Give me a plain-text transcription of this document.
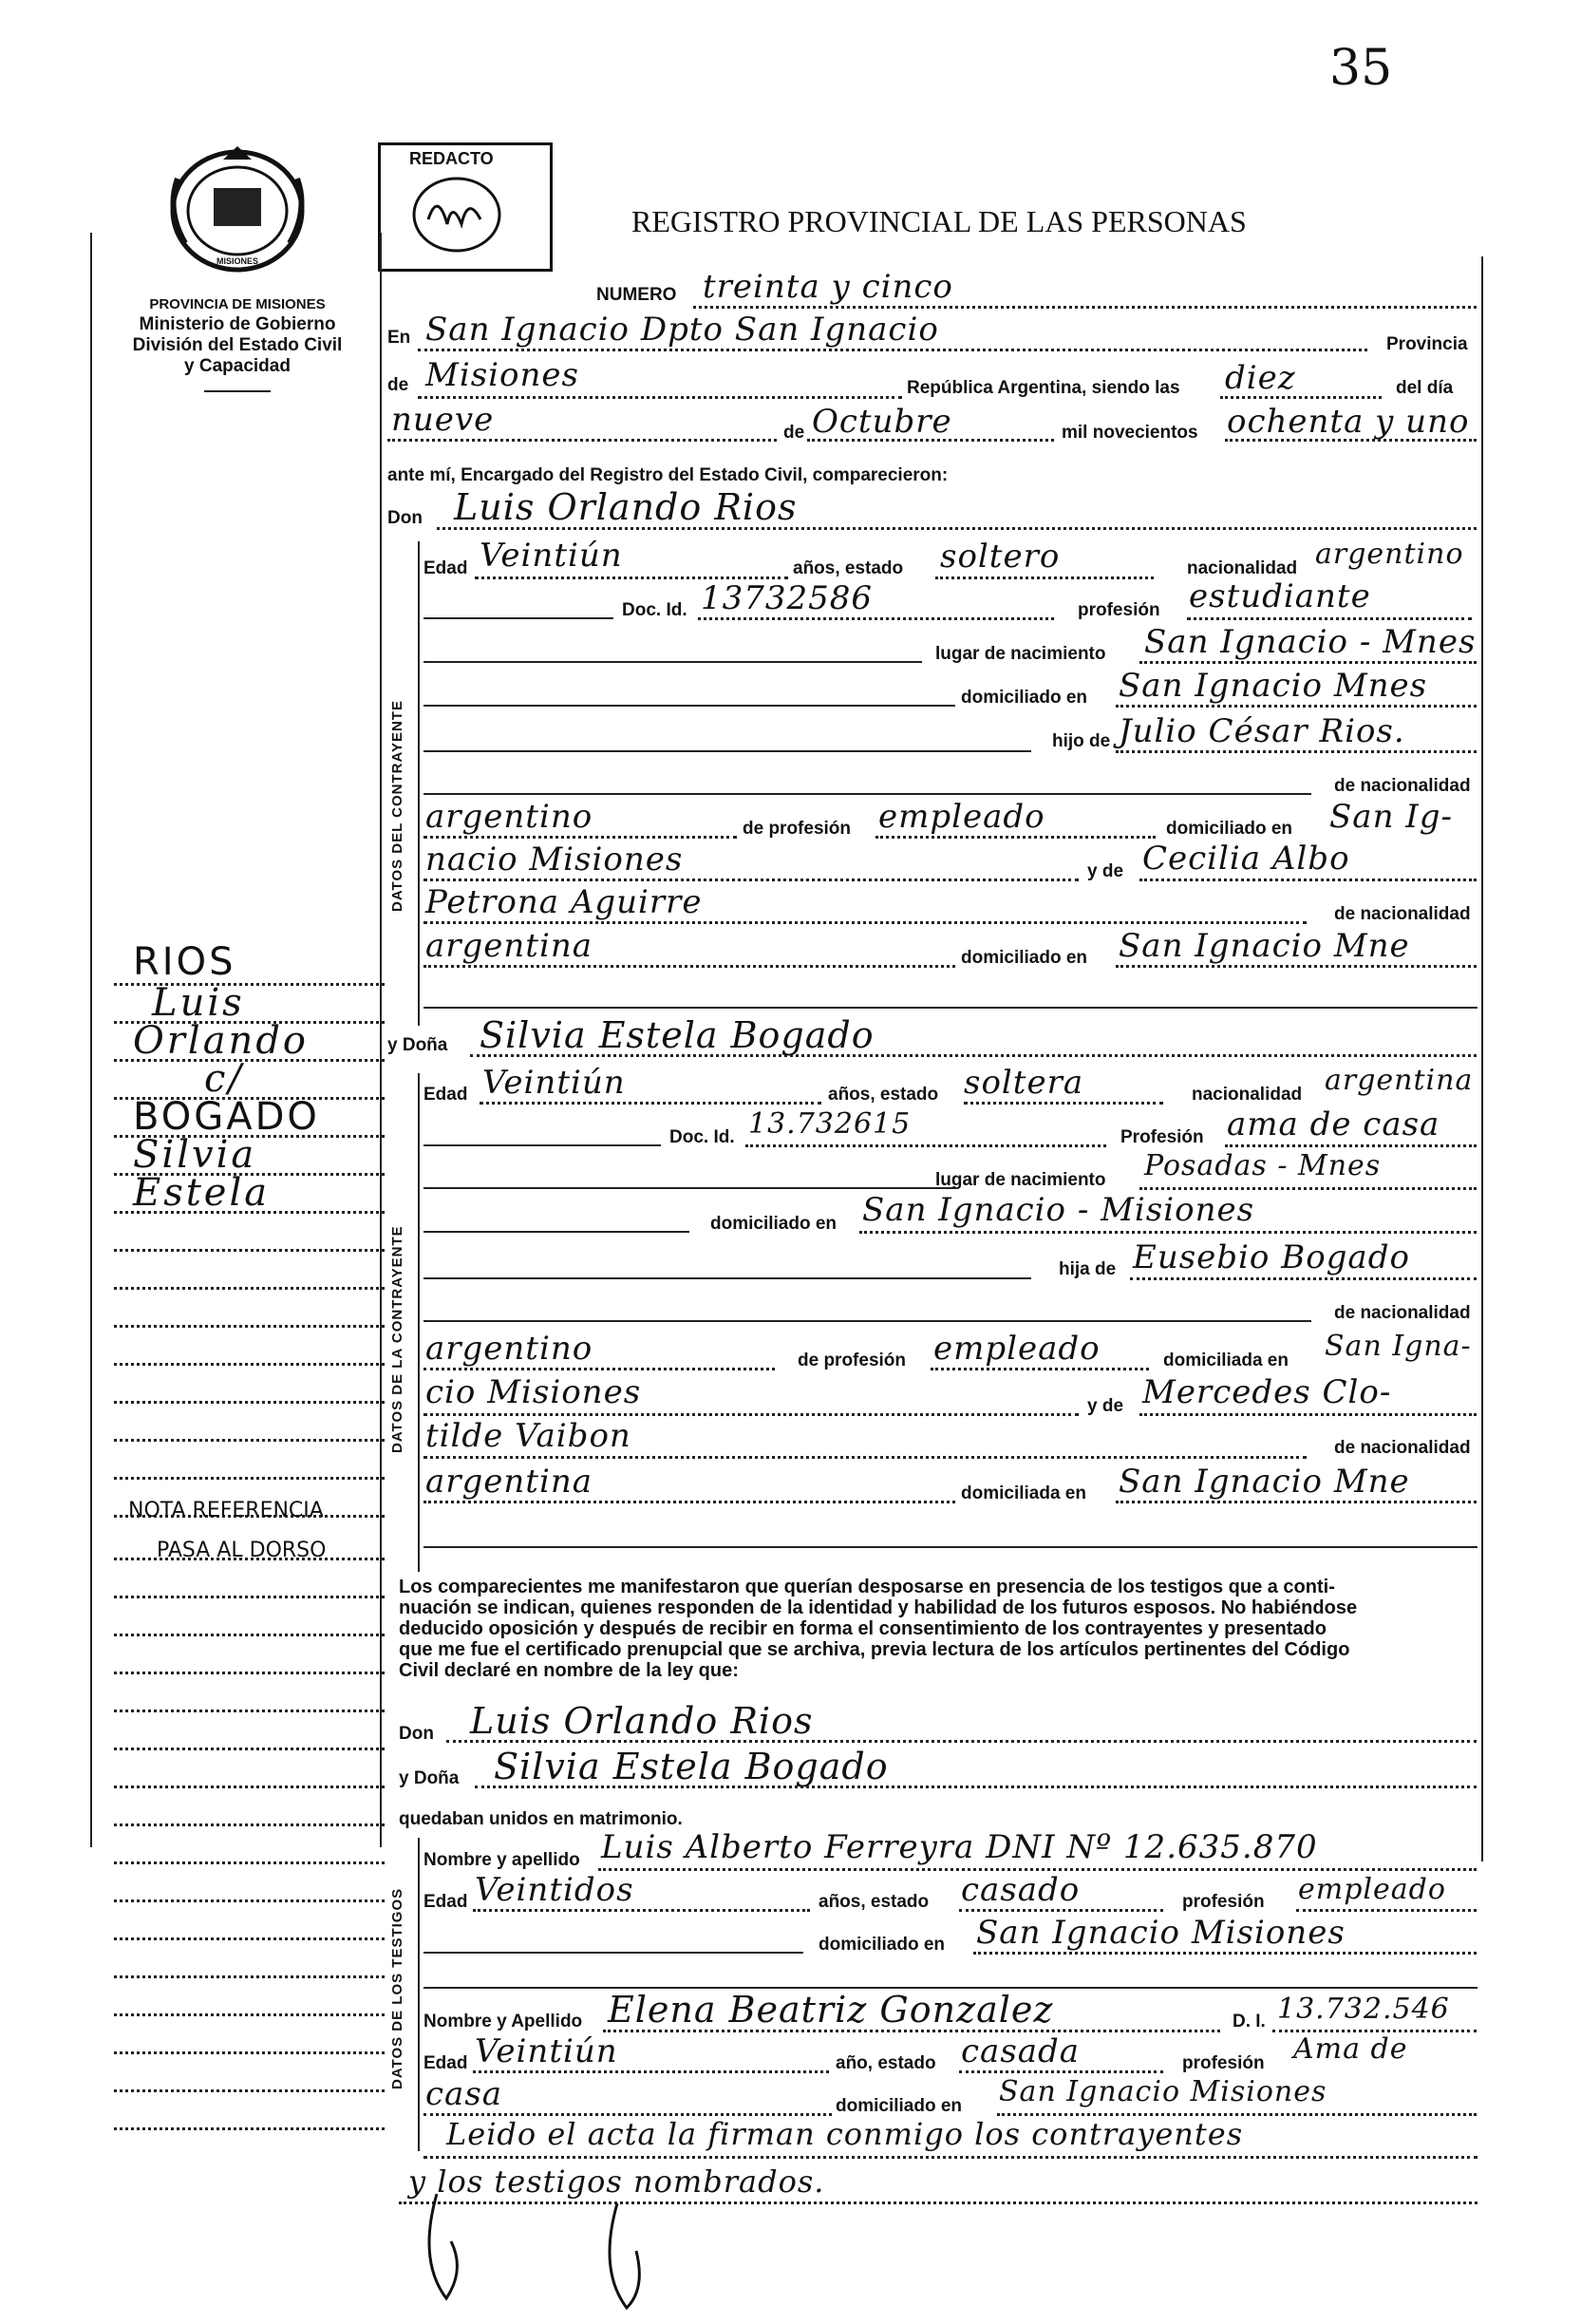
35
MISIONES
REDACTO
PROVINCIA DE MISIONES
Ministerio de Gobierno
División del Estado Civil
y Capacidad
REGISTRO PROVINCIAL DE LAS PERSONAS
NUMERO treinta y cinco
En San Ignacio Dpto San Ignacio	Provincia
de Misiones	República Argentina, siendo las diez	del día
nueve	de Octubre	mil novecientos ochenta y uno
ante mí, Encargado del Registro del Estado Civil, comparecieron:
Don Luis Orlando Rios
DATOS DEL CONTRAYENTE
Edad Veintiún	años, estado soltero	nacionalidad argentino
Doc. Id. 13732586	profesión estudiante
lugar de nacimiento San Ignacio - Mnes
domiciliado en San Ignacio Mnes
hijo de Julio César Rios.
de nacionalidad
argentino	de profesión empleado	domiciliado en San Ig-
nacio Misiones	y de Cecilia Albo
Petrona Aguirre	de nacionalidad
argentina	domiciliado en San Ignacio Mne
y Doña Silvia Estela Bogado
DATOS DE LA CONTRAYENTE
Edad Veintiún	años, estado soltera	nacionalidad argentina
Doc. Id. 13.732615	Profesión ama de casa
lugar de nacimiento Posadas - Mnes
domiciliado en San Ignacio - Misiones
hija de Eusebio Bogado
de nacionalidad
argentino	de profesión empleado	domiciliada en San Igna-
cio Misiones	y de Mercedes Clo-
tilde Vaibon	de nacionalidad
argentina	domiciliada en San Ignacio Mne
Los comparecientes me manifestaron que querían desposarse en presencia de los testigos que a conti-
nuación se indican, quienes responden de la identidad y habilidad de los futuros esposos. No habiéndose
deducido oposición y después de recibir en forma el consentimiento de los contrayentes y presentado
que me fue el certificado prenupcial que se archiva, previa lectura de los artículos pertinentes del Código
Civil declaré en nombre de la ley que:
Don Luis Orlando Rios
y Doña Silvia Estela Bogado
quedaban unidos en matrimonio.
DATOS DE LOS TESTIGOS
Nombre y apellido Luis Alberto Ferreyra DNI Nº 12.635.870
Edad Veintidos	años, estado casado	profesión empleado
domiciliado en San Ignacio Misiones
Nombre y Apellido Elena Beatriz Gonzalez	D. I. 13.732.546
Edad Veintiún	año, estado casada	profesión Ama de
casa	domiciliado en San Ignacio Misiones
Leido el acta la firman conmigo los contrayentes
y los testigos nombrados.
RIOS
Luis
Orlando
c/
BOGADO
Silvia
Estela
NOTA REFERENCIA
PASA AL DORSO
